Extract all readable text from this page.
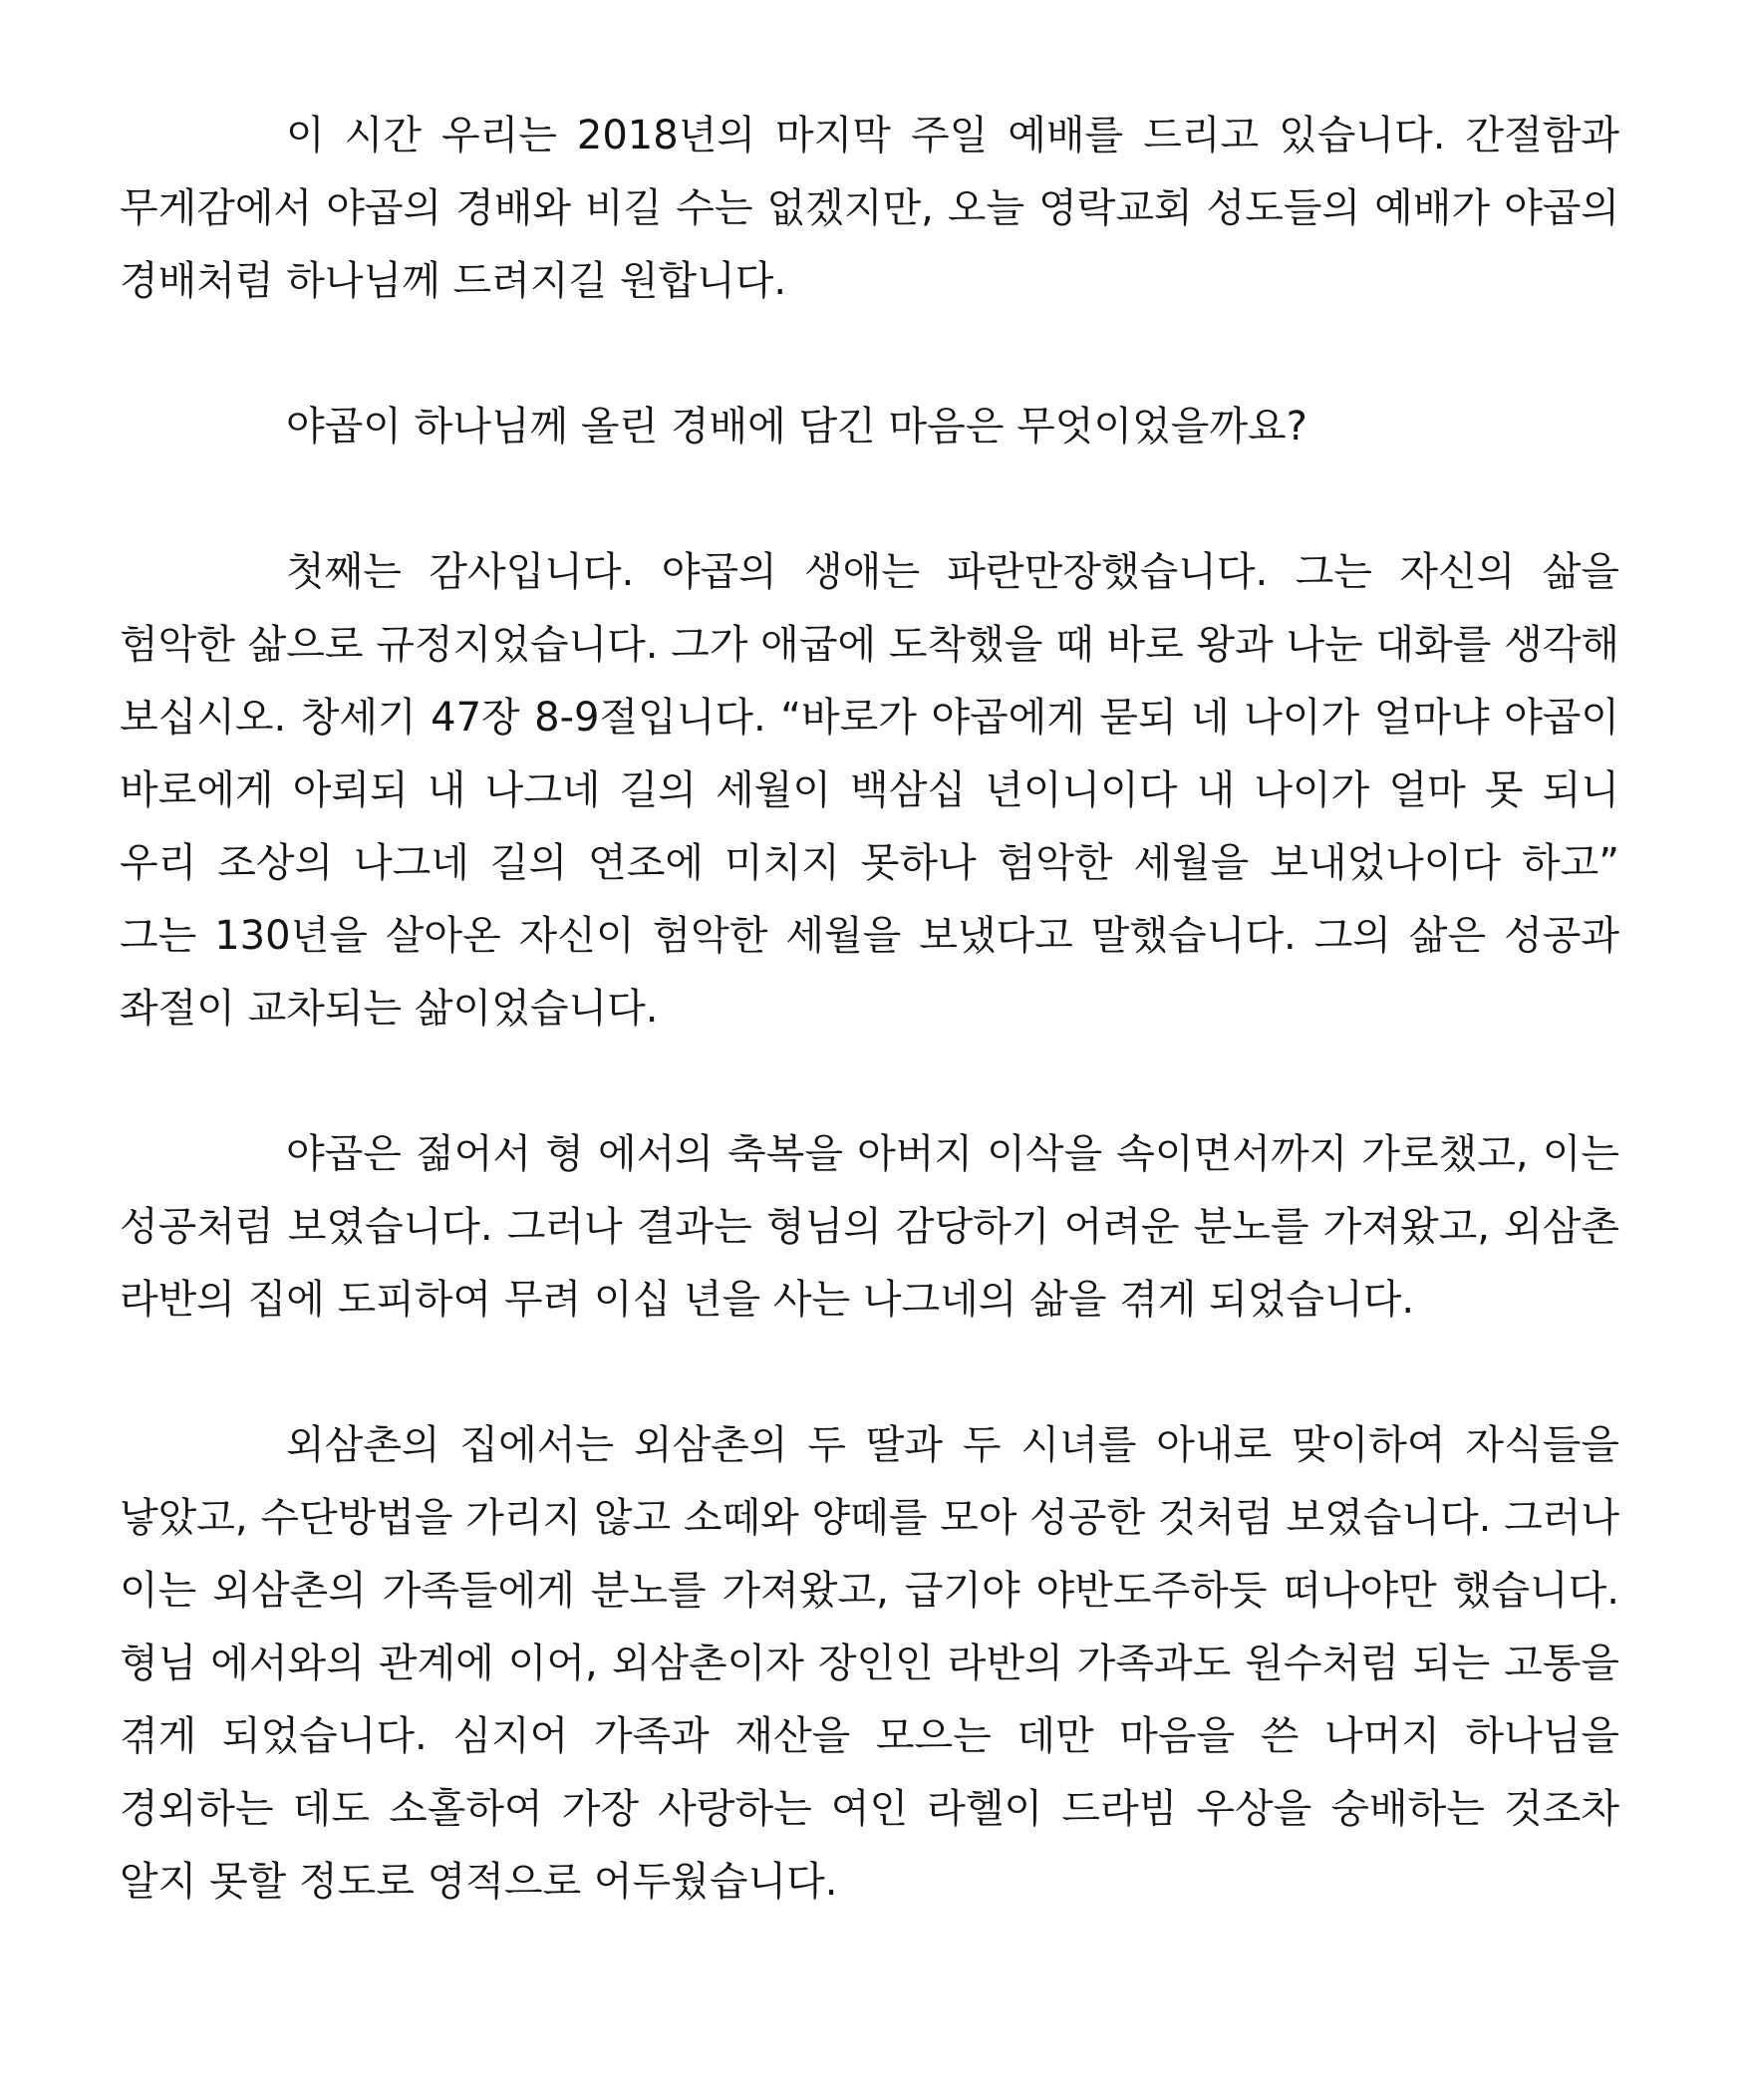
이 시간 우리는 2018년의 마지막 주일 예배를 드리고 있습니다. 간절함과 무게감에서 야곱의 경배와 비길 수는 없겠지만, 오늘 영락교회 성도들의 예배가 야곱의 경배처럼 하나님께 드려지길 원합니다.

야곱이 하나님께 올린 경배에 담긴 마음은 무엇이었을까요?

첫째는 감사입니다. 야곱의 생애는 파란만장했습니다. 그는 자신의 삶을 험악한 삶으로 규정지었습니다. 그가 애굽에 도착했을 때 바로 왕과 나눈 대화를 생각해 보십시오. 창세기 47장 8-9절입니다. “바로가 야곱에게 묻되 네 나이가 얼마냐 야곱이 바로에게 아뢰되 내 나그네 길의 세월이 백삼십 년이니이다 내 나이가 얼마 못 되니 우리 조상의 나그네 길의 연조에 미치지 못하나 험악한 세월을 보내었나이다 하고” 그는 130년을 살아온 자신이 험악한 세월을 보냈다고 말했습니다. 그의 삶은 성공과 좌절이 교차되는 삶이었습니다.

야곱은 젊어서 형 에서의 축복을 아버지 이삭을 속이면서까지 가로챘고, 이는 성공처럼 보였습니다. 그러나 결과는 형님의 감당하기 어려운 분노를 가져왔고, 외삼촌 라반의 집에 도피하여 무려 이십 년을 사는 나그네의 삶을 겪게 되었습니다.

외삼촌의 집에서는 외삼촌의 두 딸과 두 시녀를 아내로 맞이하여 자식들을 낳았고, 수단방법을 가리지 않고 소떼와 양떼를 모아 성공한 것처럼 보였습니다. 그러나 이는 외삼촌의 가족들에게 분노를 가져왔고, 급기야 야반도주하듯 떠나야만 했습니다. 형님 에서와의 관계에 이어, 외삼촌이자 장인인 라반의 가족과도 원수처럼 되는 고통을 겪게 되었습니다. 심지어 가족과 재산을 모으는 데만 마음을 쓴 나머지 하나님을 경외하는 데도 소홀하여 가장 사랑하는 여인 라헬이 드라빔 우상을 숭배하는 것조차 알지 못할 정도로 영적으로 어두웠습니다.
